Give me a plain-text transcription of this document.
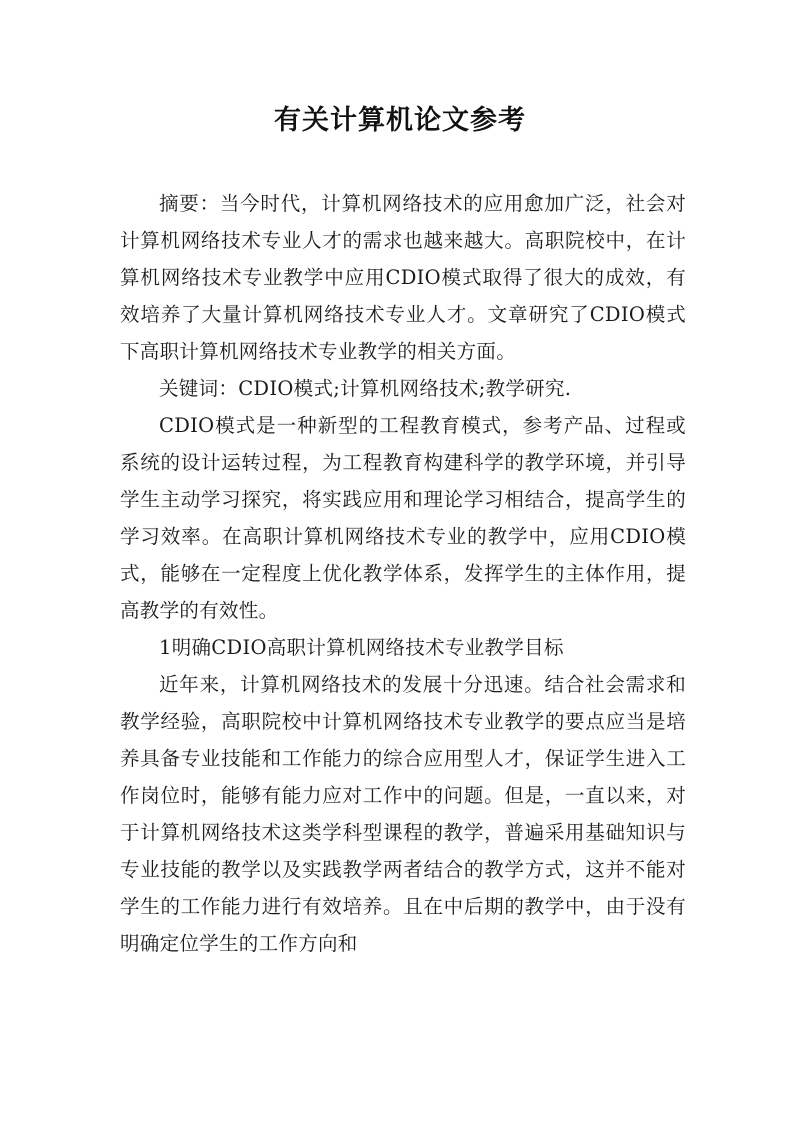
有关计算机论文参考

摘要：当今时代，计算机网络技术的应用愈加广泛，社会对计算机网络技术专业人才的需求也越来越大。高职院校中，在计算机网络技术专业教学中应用CDIO模式取得了很大的成效，有效培养了大量计算机网络技术专业人才。文章研究了CDIO模式下高职计算机网络技术专业教学的相关方面。

关键词：CDIO模式;计算机网络技术;教学研究.

CDIO模式是一种新型的工程教育模式，参考产品、过程或系统的设计运转过程，为工程教育构建科学的教学环境，并引导学生主动学习探究，将实践应用和理论学习相结合，提高学生的学习效率。在高职计算机网络技术专业的教学中，应用CDIO模式，能够在一定程度上优化教学体系，发挥学生的主体作用，提高教学的有效性。

1明确CDIO高职计算机网络技术专业教学目标

近年来，计算机网络技术的发展十分迅速。结合社会需求和教学经验，高职院校中计算机网络技术专业教学的要点应当是培养具备专业技能和工作能力的综合应用型人才，保证学生进入工作岗位时，能够有能力应对工作中的问题。但是，一直以来，对于计算机网络技术这类学科型课程的教学，普遍采用基础知识与专业技能的教学以及实践教学两者结合的教学方式，这并不能对学生的工作能力进行有效培养。且在中后期的教学中，由于没有明确定位学生的工作方向和
